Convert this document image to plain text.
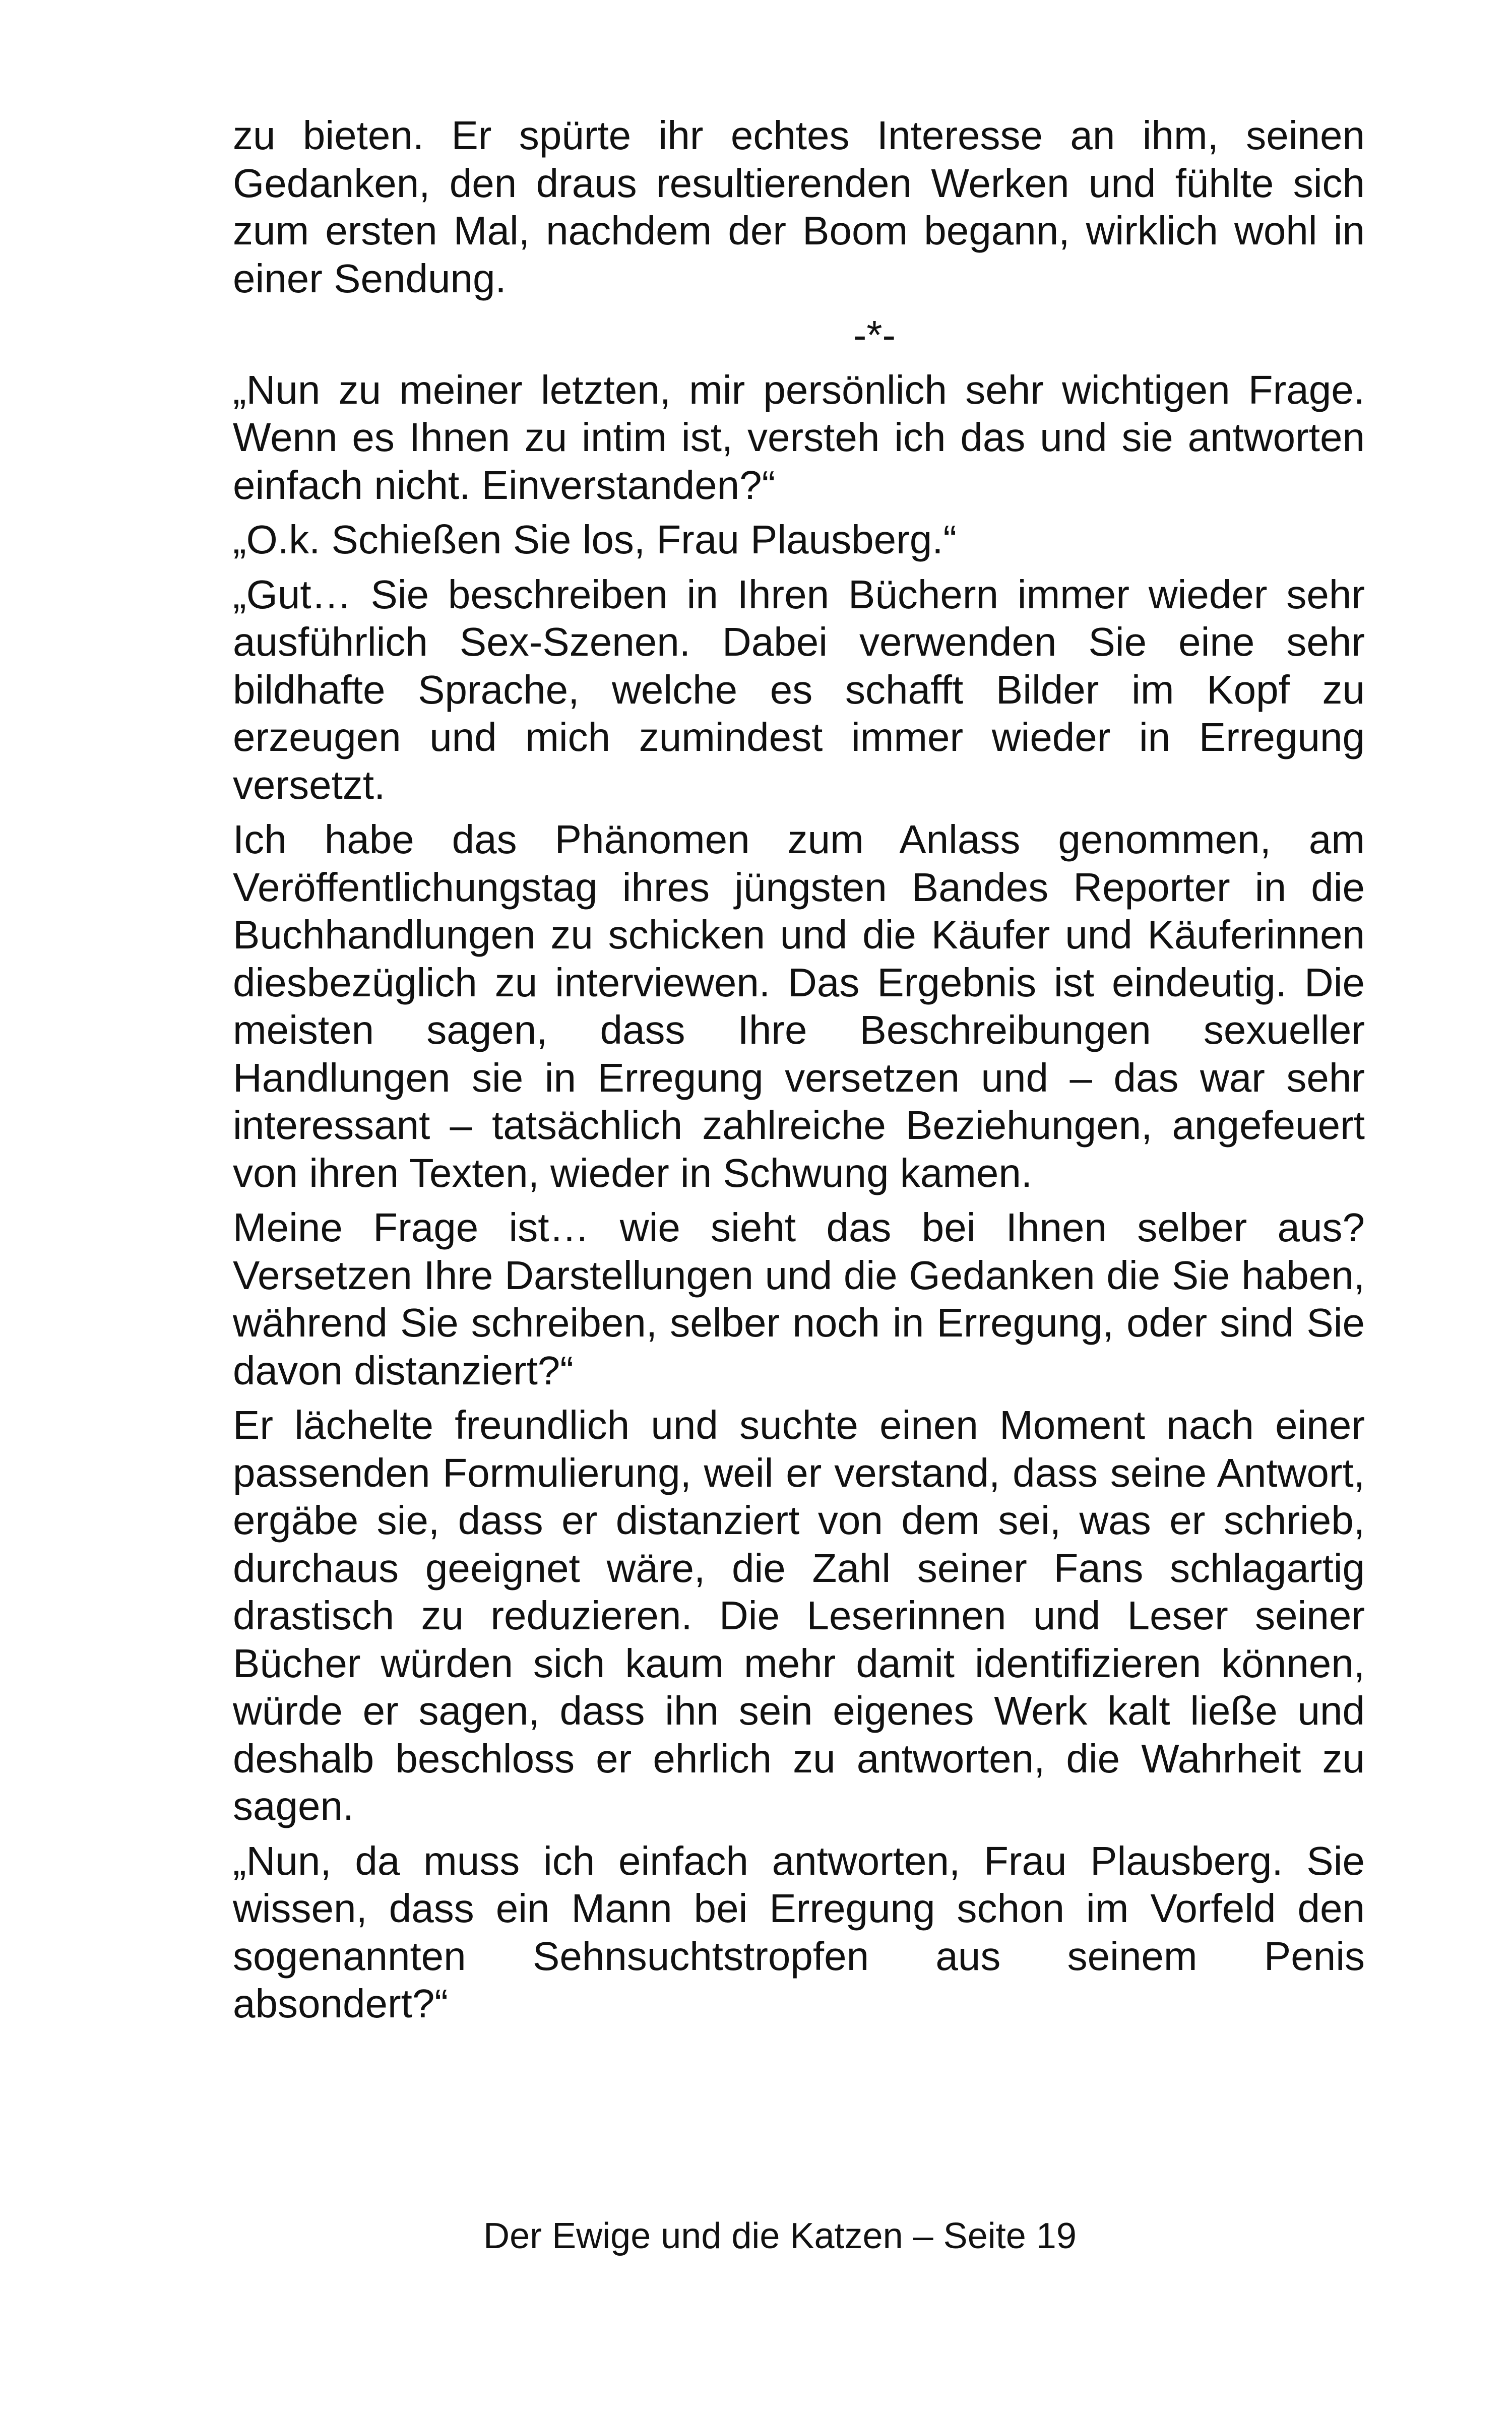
zu bieten. Er spürte ihr echtes Interesse an ihm, seinen Gedanken, den draus resultierenden Werken und fühlte sich zum ersten Mal, nachdem der Boom begann, wirklich wohl in einer Sendung.

-*-

„Nun zu meiner letzten, mir persönlich sehr wichtigen Frage. Wenn es Ihnen zu intim ist, versteh ich das und sie antworten einfach nicht. Einverstanden?“

„O.k. Schießen Sie los, Frau Plausberg.“

„Gut… Sie beschreiben in Ihren Büchern immer wieder sehr ausführlich Sex-Szenen. Dabei verwenden Sie eine sehr bildhafte Sprache, welche es schafft Bilder im Kopf zu erzeugen und mich zumindest immer wieder in Erregung versetzt.

Ich habe das Phänomen zum Anlass genommen, am Veröffentlichungstag ihres jüngsten Bandes Reporter in die Buchhandlungen zu schicken und die Käufer und Käuferinnen diesbezüglich zu interviewen. Das Ergebnis ist eindeutig. Die meisten sagen, dass Ihre Beschreibungen sexueller Handlungen sie in Erregung versetzen und – das war sehr interessant – tatsächlich zahlreiche Beziehungen, angefeuert von ihren Texten, wieder in Schwung kamen.

Meine Frage ist… wie sieht das bei Ihnen selber aus? Versetzen Ihre Darstellungen und die Gedanken die Sie haben, während Sie schreiben, selber noch in Erregung, oder sind Sie davon distanziert?“

Er lächelte freundlich und suchte einen Moment nach einer passenden Formulierung, weil er verstand, dass seine Antwort, ergäbe sie, dass er distanziert von dem sei, was er schrieb, durchaus geeignet wäre, die Zahl seiner Fans schlagartig drastisch zu reduzieren. Die Leserinnen und Leser seiner Bücher würden sich kaum mehr damit identifizieren können, würde er sagen, dass ihn sein eigenes Werk kalt ließe und deshalb beschloss er ehrlich zu antworten, die Wahrheit zu sagen.

„Nun, da muss ich einfach antworten, Frau Plausberg. Sie wissen, dass ein Mann bei Erregung schon im Vorfeld den sogenannten Sehnsuchtstropfen aus seinem Penis absondert?“

Der Ewige und die Katzen – Seite 19
